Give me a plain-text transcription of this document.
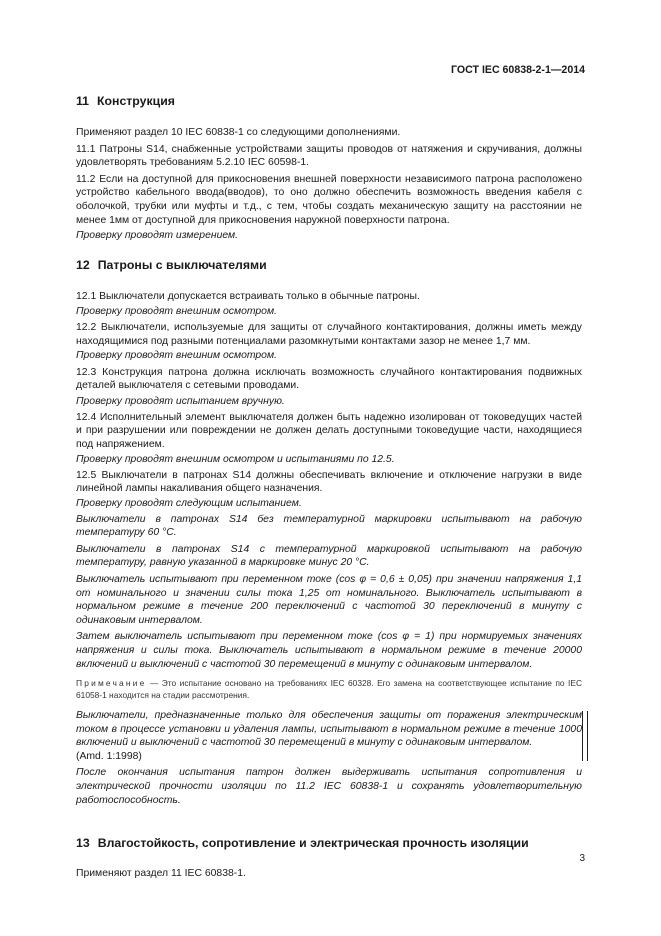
ГОСТ IEC 60838-2-1—2014
11 Конструкция

Применяют раздел 10 IEC 60838-1 со следующими дополнениями.

11.1 Патроны S14, снабженные устройствами защиты проводов от натяжения и скручивания, должны удовлетворять требованиям 5.2.10 IEC 60598-1.

11.2 Если на доступной для прикосновения внешней поверхности независимого патрона расположено устройство кабельного ввода(вводов), то оно должно обеспечить возможность введения кабеля с оболочкой, трубки или муфты и т.д., с тем, чтобы создать механическую защиту на расстоянии не менее 1мм от доступной для прикосновения наружной поверхности патрона.

Проверку проводят измерением.

12 Патроны с выключателями

12.1 Выключатели допускается встраивать только в обычные патроны.

Проверку проводят внешним осмотром.

12.2 Выключатели, используемые для защиты от случайного контактирования, должны иметь между находящимися под разными потенциалами разомкнутыми контактами зазор не менее 1,7 мм.

Проверку проводят внешним осмотром.

12.3 Конструкция патрона должна исключать возможность случайного контактирования подвижных деталей выключателя с сетевыми проводами.

Проверку проводят испытанием вручную.

12.4 Исполнительный элемент выключателя должен быть надежно изолирован от токоведущих частей и при разрушении или повреждении не должен делать доступными токоведущие части, находящиеся под напряжением.

Проверку проводят внешним осмотром и испытаниями по 12.5.

12.5 Выключатели в патронах S14 должны обеспечивать включение и отключение нагрузки в виде линейной лампы накаливания общего назначения.

Проверку проводят следующим испытанием.

Выключатели в патронах S14 без температурной маркировки испытывают на рабочую температуру 60 °С.

Выключатели в патронах S14 с температурной маркировкой испытывают на рабочую температуру, равную указанной в маркировке минус 20 °С.

Выключатель испытывают при переменном токе (cos φ = 0,6 ± 0,05) при значении напряжения 1,1 от номинального и значении силы тока 1,25 от номинального. Выключатель испытывают в нормальном режиме в течение 200 переключений с частотой 30 переключений в минуту с одинаковым интервалом.

Затем выключатель испытывают при переменном токе (cos φ = 1) при нормируемых значениях напряжения и силы тока. Выключатель испытывают в нормальном режиме в течение 20000 включений и выключений с частотой 30 перемещений в минуту с одинаковым интервалом.

Примечание — Это испытание основано на требованиях IEC 60328. Его замена на соответствующее испытание по IEC 61058-1 находится на стадии рассмотрения.

Выключатели, предназначенные только для обеспечения защиты от поражения электрическим током в процессе установки и удаления лампы, испытывают в нормальном режиме в течение 1000 включений и выключений с частотой 30 перемещений в минуту с одинаковым интервалом.

(Amd. 1:1998)

После окончания испытания патрон должен выдерживать испытания сопротивления и электрической прочности изоляции по 11.2 IEC 60838-1 и сохранять удовлетворительную работоспособность.

13 Влагостойкость, сопротивление и электрическая прочность изоляции

Применяют раздел 11 IEC 60838-1.

3
